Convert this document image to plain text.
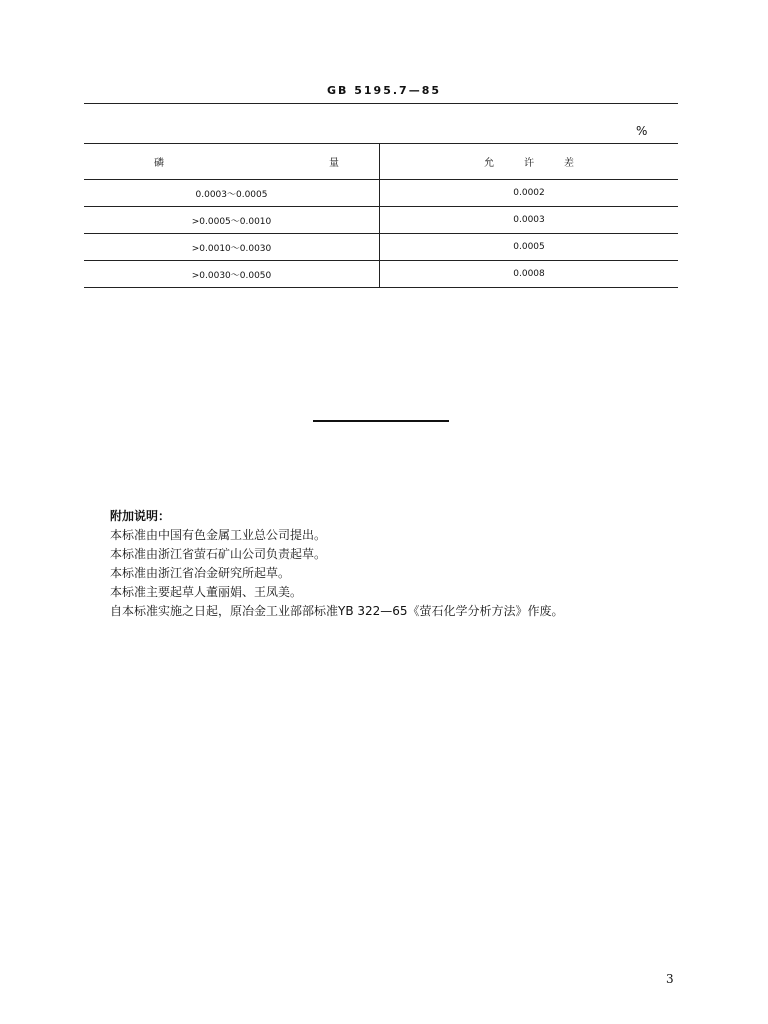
GB 5195.7—85
%
磷 量	允许差
0.0003～0.0005	0.0002
>0.0005～0.0010	0.0003
>0.0010～0.0030	0.0005
>0.0030～0.0050	0.0008
附加说明：
本标准由中国有色金属工业总公司提出。
本标准由浙江省萤石矿山公司负责起草。
本标准由浙江省冶金研究所起草。
本标准主要起草人董丽娟、王凤美。
自本标准实施之日起，原冶金工业部部标准YB 322—65《萤石化学分析方法》作废。
3
